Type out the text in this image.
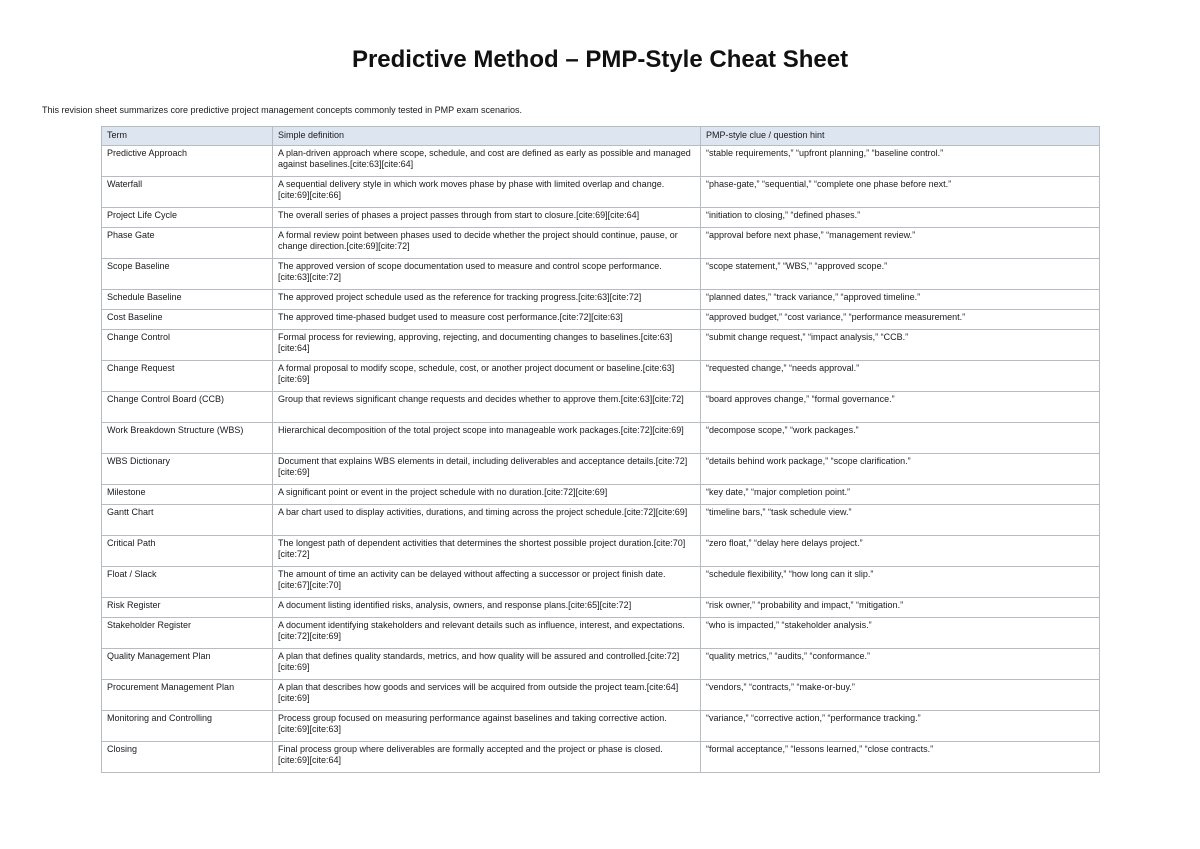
Predictive Method – PMP-Style Cheat Sheet

This revision sheet summarizes core predictive project management concepts commonly tested in PMP exam scenarios.

Term	Simple definition	PMP-style clue / question hint
Predictive Approach	A plan-driven approach where scope, schedule, and cost are defined as early as possible and managed against baselines.[cite:63][cite:64]	“stable requirements,” “upfront planning,” “baseline control.”
Waterfall	A sequential delivery style in which work moves phase by phase with limited overlap and change.[cite:69][cite:66]	“phase-gate,” “sequential,” “complete one phase before next.”
Project Life Cycle	The overall series of phases a project passes through from start to closure.[cite:69][cite:64]	“initiation to closing,” “defined phases.”
Phase Gate	A formal review point between phases used to decide whether the project should continue, pause, or change direction.[cite:69][cite:72]	“approval before next phase,” “management review.”
Scope Baseline	The approved version of scope documentation used to measure and control scope performance.[cite:63][cite:72]	“scope statement,” “WBS,” “approved scope.”
Schedule Baseline	The approved project schedule used as the reference for tracking progress.[cite:63][cite:72]	“planned dates,” “track variance,” “approved timeline.”
Cost Baseline	The approved time-phased budget used to measure cost performance.[cite:72][cite:63]	“approved budget,” “cost variance,” “performance measurement.”
Change Control	Formal process for reviewing, approving, rejecting, and documenting changes to baselines.[cite:63][cite:64]	“submit change request,” “impact analysis,” “CCB.”
Change Request	A formal proposal to modify scope, schedule, cost, or another project document or baseline.[cite:63][cite:69]	“requested change,” “needs approval.”
Change Control Board (CCB)	Group that reviews significant change requests and decides whether to approve them.[cite:63][cite:72]	“board approves change,” “formal governance.”
Work Breakdown Structure (WBS)	Hierarchical decomposition of the total project scope into manageable work packages.[cite:72][cite:69]	“decompose scope,” “work packages.”
WBS Dictionary	Document that explains WBS elements in detail, including deliverables and acceptance details.[cite:72][cite:69]	“details behind work package,” “scope clarification.”
Milestone	A significant point or event in the project schedule with no duration.[cite:72][cite:69]	“key date,” “major completion point.”
Gantt Chart	A bar chart used to display activities, durations, and timing across the project schedule.[cite:72][cite:69]	“timeline bars,” “task schedule view.”
Critical Path	The longest path of dependent activities that determines the shortest possible project duration.[cite:70][cite:72]	“zero float,” “delay here delays project.”
Float / Slack	The amount of time an activity can be delayed without affecting a successor or project finish date.[cite:67][cite:70]	“schedule flexibility,” “how long can it slip.”
Risk Register	A document listing identified risks, analysis, owners, and response plans.[cite:65][cite:72]	“risk owner,” “probability and impact,” “mitigation.”
Stakeholder Register	A document identifying stakeholders and relevant details such as influence, interest, and expectations.[cite:72][cite:69]	“who is impacted,” “stakeholder analysis.”
Quality Management Plan	A plan that defines quality standards, metrics, and how quality will be assured and controlled.[cite:72][cite:69]	“quality metrics,” “audits,” “conformance.”
Procurement Management Plan	A plan that describes how goods and services will be acquired from outside the project team.[cite:64][cite:69]	“vendors,” “contracts,” “make-or-buy.”
Monitoring and Controlling	Process group focused on measuring performance against baselines and taking corrective action.[cite:69][cite:63]	“variance,” “corrective action,” “performance tracking.”
Closing	Final process group where deliverables are formally accepted and the project or phase is closed.[cite:69][cite:64]	“formal acceptance,” “lessons learned,” “close contracts.”
